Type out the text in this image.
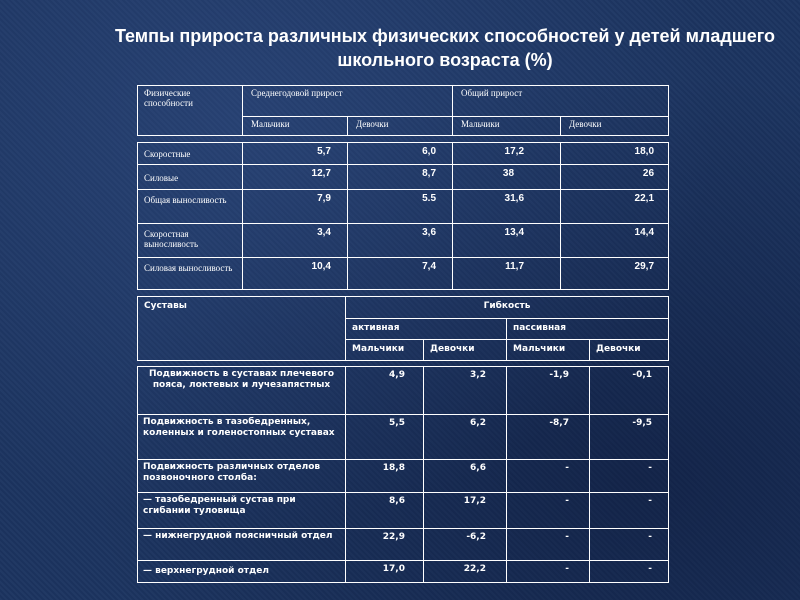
Темпы прироста различных физических способностей у детей младшего школьного возраста (%)
Физические способности	Среднегодовой прирост		Общий прирост	
	Мальчики	Девочки	Мальчики	Девочки

Скоростные	5,7	6,0	17,2	18,0
Силовые	12,7	8,7	38	26
Общая выносливость	7,9	5.5	31,6	22,1
Скоростная выносливость	3,4	3,6	13,4	14,4
Силовая выносливость	10,4	7,4	11,7	29,7
Суставы	Гибкость			
	активная		пассивная	
	Мальчики	Девочки	Мальчики	Девочки

Подвижность в суставах плечевого пояса, локтевых и лучезапястных	4,9	3,2	-1,9	-0,1
Подвижность в тазобедренных, коленных и голеностопных суставах	5,5	6,2	-8,7	-9,5
Подвижность различных отделов позвоночного столба:	18,8	6,6	-	-
— тазобедренный сустав при сгибании туловища	8,6	17,2	-	-
— нижнегрудной поясничный отдел	22,9	-6,2	-	-
— верхнегрудной отдел	17,0	22,2	-	-
